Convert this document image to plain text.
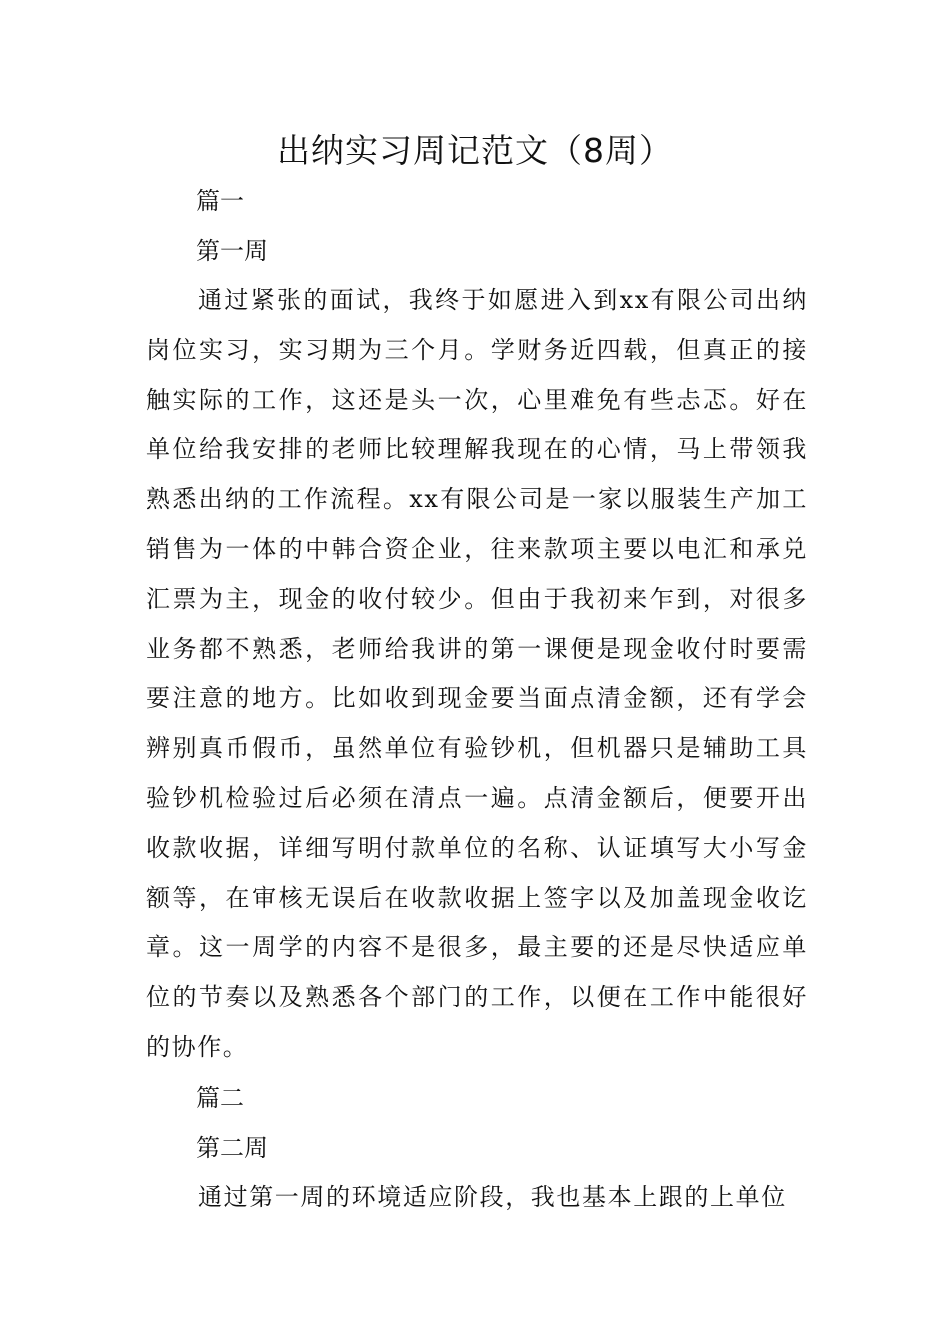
出纳实习周记范文（8周）
篇一
第一周

通过紧张的面试，我终于如愿进入到xx有限公司出纳岗位实习，实习期为三个月。学财务近四载，但真正的接触实际的工作，这还是头一次，心里难免有些忐忑。好在单位给我安排的老师比较理解我现在的心情，马上带领我熟悉出纳的工作流程。xx有限公司是一家以服装生产加工销售为一体的中韩合资企业，往来款项主要以电汇和承兑汇票为主，现金的收付较少。但由于我初来乍到，对很多业务都不熟悉，老师给我讲的第一课便是现金收付时要需要注意的地方。比如收到现金要当面点清金额，还有学会辨别真币假币，虽然单位有验钞机，但机器只是辅助工具验钞机检验过后必须在清点一遍。点清金额后，便要开出收款收据，详细写明付款单位的名称、认证填写大小写金额等，在审核无误后在收款收据上签字以及加盖现金收讫章。这一周学的内容不是很多，最主要的还是尽快适应单位的节奏以及熟悉各个部门的工作，以便在工作中能很好的协作。

篇二
第二周

通过第一周的环境适应阶段，我也基本上跟的上单位
